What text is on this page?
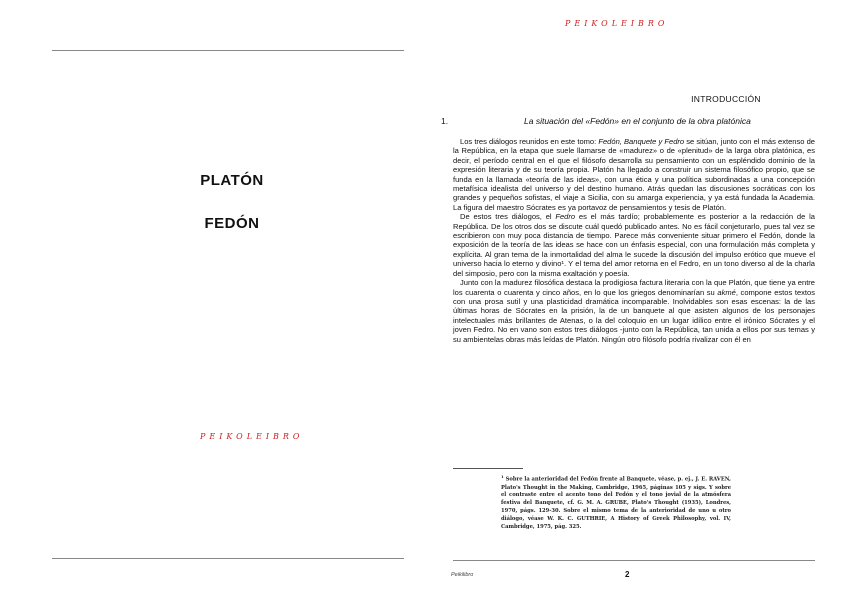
PLATÓN
FEDÓN
PEIKOLEIBRO
PEIKOLEIBRO
INTRODUCCIÓN
1.	La situación del «Fedón» en el conjunto de la obra platónica

Los tres diálogos reunidos en este tomo: Fedón, Banquete y Fedro se sitúan, junto con el más extenso de la República, en la etapa que suele llamarse de «madurez» o de «plenitud» de la larga obra platónica, es decir, el período central en el que el filósofo desarrolla su pensamiento con un espléndido dominio de la expresión literaria y de su teoría propia. Platón ha llegado a construir un sistema filosófico propio, que se funda en la llamada «teoría de las ideas», con una ética y una política subordinadas a una concepción metafísica idealista del universo y del destino humano. Atrás quedan las discusiones socráticas con los grandes y pequeños sofistas, el viaje a Sicilia, con su amarga experiencia, y ya está fundada la Academia. La figura del maestro Sócrates es ya portavoz de pensamientos y tesis de Platón.

De estos tres diálogos, el Fedro es el más tardío; probablemente es posterior a la redacción de la República. De los otros dos se discute cuál quedó publicado antes. No es fácil conjeturarlo, pues tal vez se escribieron con muy poca distancia de tiempo. Parece más conveniente situar primero el Fedón, donde la exposición de la teoría de las ideas se hace con un énfasis especial, con una formulación más completa y explícita. Al gran tema de la inmortalidad del alma le sucede la discusión del impulso erótico que mueve el universo hacia lo eterno y divino¹. Y el tema del amor retorna en el Fedro, en un tono diverso al de la charla del simposio, pero con la misma exaltación y poesía.

Junto con la madurez filosófica destaca la prodigiosa factura literaria con la que Platón, que tiene ya entre los cuarenta o cuarenta y cinco años, en lo que los griegos denominarían su akmé, compone estos textos con una prosa sutil y una plasticidad dramática incomparable. Inolvidables son esas escenas: la de las últimas horas de Sócrates en la prisión, la de un banquete al que asisten algunos de los personajes intelectuales más brillantes de Atenas, o la del coloquio en un lugar idílico entre el irónico Sócrates y el joven Fedro. No en vano son estos tres diálogos -junto con la República, tan unida a ellos por sus temas y su ambientelas obras más leídas de Platón. Ningún otro filósofo podría rivalizar con él en

$^1$ Sobre la anterioridad del Fedón frente al Banquete, véase, p. ej., J. E. RAVEN, Plato's Thought in the Making, Cambridge, 1965, páginas 105 y sigs. Y sobre el contraste entre el acento tono del Fedón y el tono jovial de la atmósfera festiva del Banquete, cf. G. M. A. GRUBE, Plato's Thought (1935), Londres, 1970, págs. 129-30. Sobre el mismo tema de la anterioridad de uno u otro diálogo, véase W. K. C. GUTHRIE, A History of Greek Philosophy, vol. IV, Cambridge, 1975, pág. 325.

Peikilibro	2
